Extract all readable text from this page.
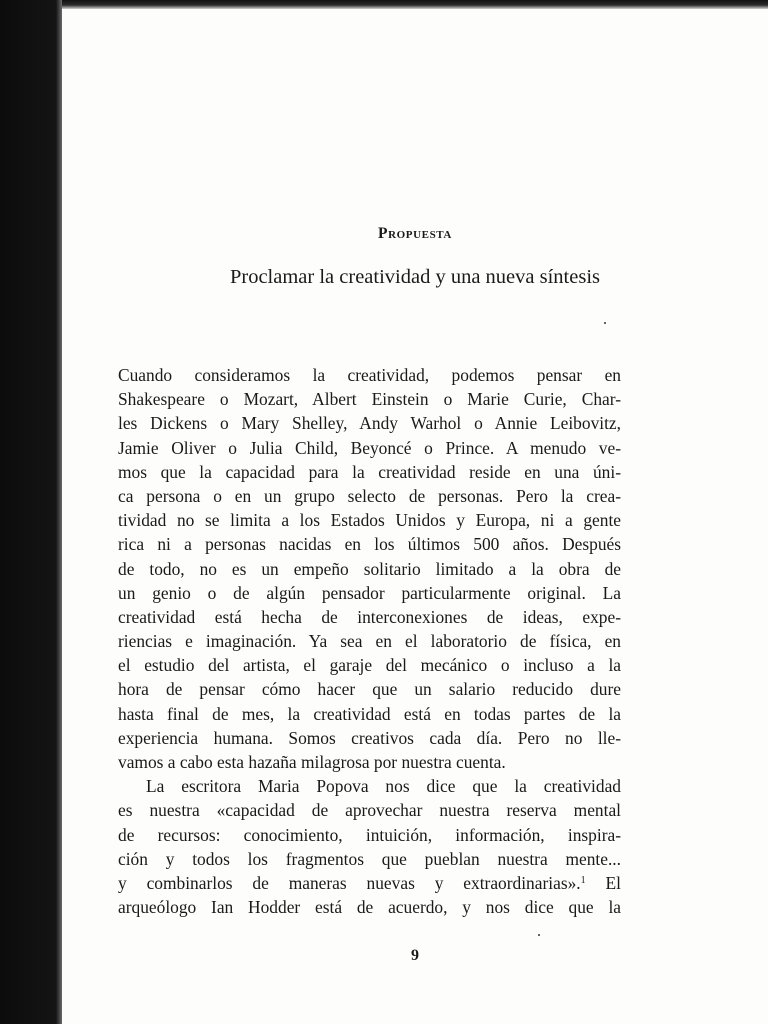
Propuesta
Proclamar la creatividad y una nueva síntesis
Cuando consideramos la creatividad, podemos pensar en
Shakespeare o Mozart, Albert Einstein o Marie Curie, Char-
les Dickens o Mary Shelley, Andy Warhol o Annie Leibovitz,
Jamie Oliver o Julia Child, Beyoncé o Prince. A menudo ve-
mos que la capacidad para la creatividad reside en una úni-
ca persona o en un grupo selecto de personas. Pero la crea-
tividad no se limita a los Estados Unidos y Europa, ni a gente
rica ni a personas nacidas en los últimos 500 años. Después
de todo, no es un empeño solitario limitado a la obra de
un genio o de algún pensador particularmente original. La
creatividad está hecha de interconexiones de ideas, expe-
riencias e imaginación. Ya sea en el laboratorio de física, en
el estudio del artista, el garaje del mecánico o incluso a la
hora de pensar cómo hacer que un salario reducido dure
hasta final de mes, la creatividad está en todas partes de la
experiencia humana. Somos creativos cada día. Pero no lle-
vamos a cabo esta hazaña milagrosa por nuestra cuenta.
La escritora Maria Popova nos dice que la creatividad
es nuestra «capacidad de aprovechar nuestra reserva mental
de recursos: conocimiento, intuición, información, inspira-
ción y todos los fragmentos que pueblan nuestra mente...
y combinarlos de maneras nuevas y extraordinarias».$^1$ El
arqueólogo Ian Hodder está de acuerdo, y nos dice que la
9
